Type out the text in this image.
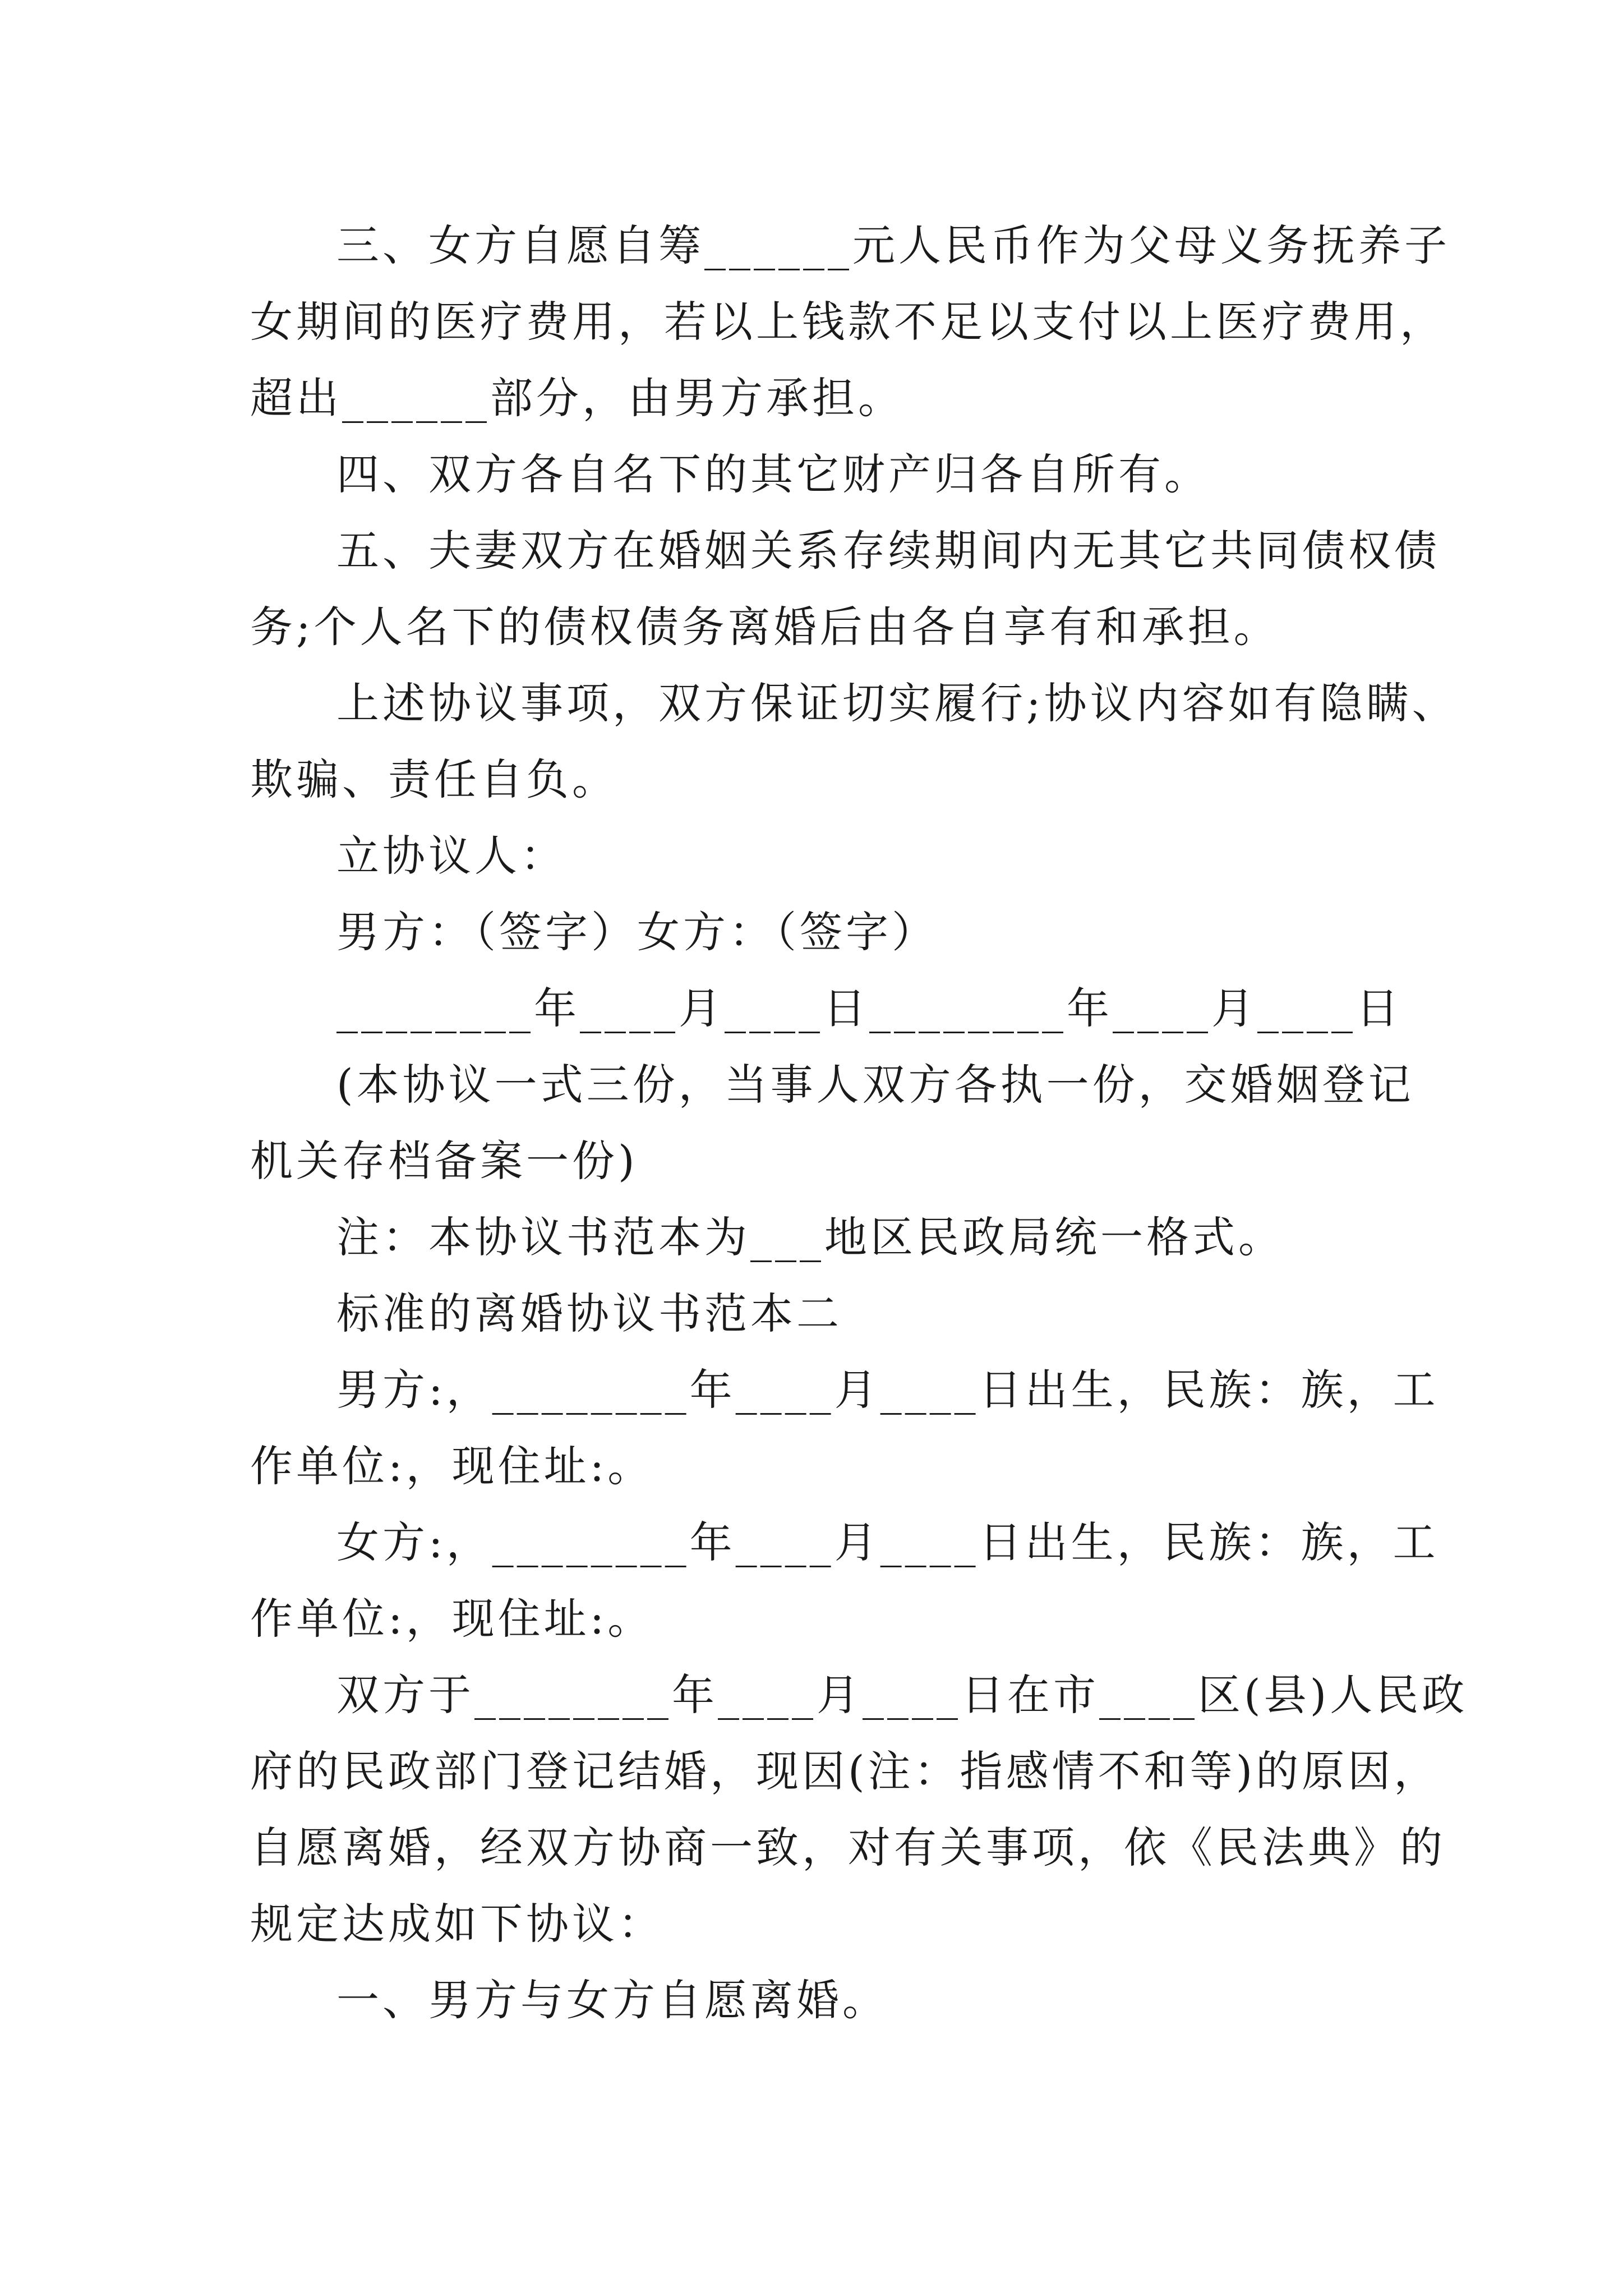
三、女方自愿自筹______元人民币作为父母义务抚养子
女期间的医疗费用，若以上钱款不足以支付以上医疗费用，
超出______部分，由男方承担。
四、双方各自名下的其它财产归各自所有。
五、夫妻双方在婚姻关系存续期间内无其它共同债权债
务;个人名下的债权债务离婚后由各自享有和承担。
上述协议事项，双方保证切实履行;协议内容如有隐瞒、
欺骗、责任自负。
立协议人：
男方：（签字）女方：（签字）
________年____月____日________年____月____日
(本协议一式三份，当事人双方各执一份，交婚姻登记
机关存档备案一份)
注：本协议书范本为___地区民政局统一格式。
标准的离婚协议书范本二
男方:，________年____月____日出生，民族：族，工
作单位:，现住址:。
女方:，________年____月____日出生，民族：族，工
作单位:，现住址:。
双方于________年____月____日在市____区(县)人民政
府的民政部门登记结婚，现因(注：指感情不和等)的原因，
自愿离婚，经双方协商一致，对有关事项，依《民法典》的
规定达成如下协议：
一、男方与女方自愿离婚。
